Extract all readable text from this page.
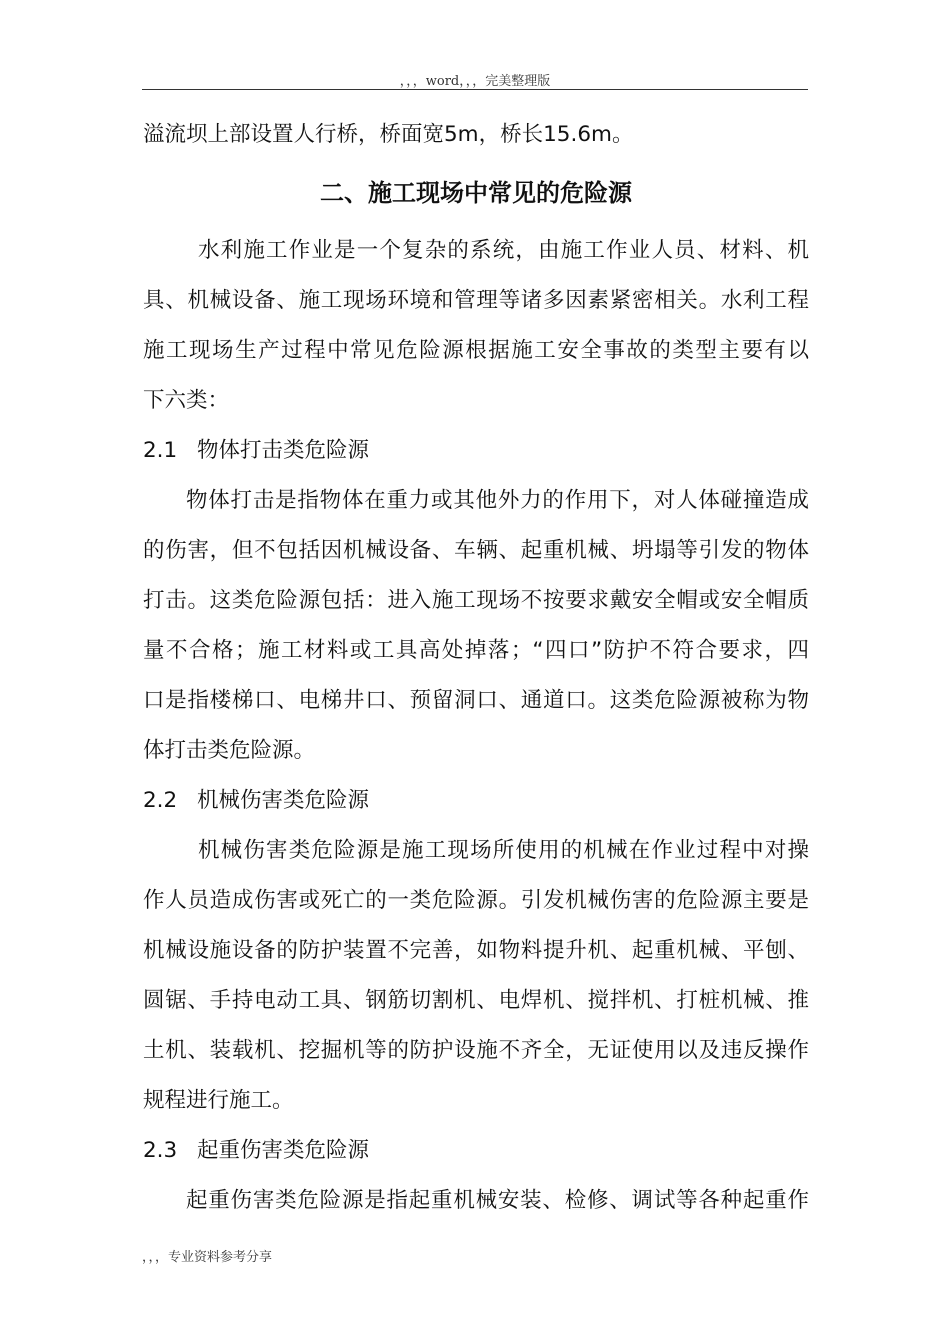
，，，word，，，完美整理版
溢流坝上部设置人行桥，桥面宽5m，桥长15.6m。
二、施工现场中常见的危险源
水利施工作业是一个复杂的系统，由施工作业人员、材料、机
具、机械设备、施工现场环境和管理等诸多因素紧密相关。水利工程
施工现场生产过程中常见危险源根据施工安全事故的类型主要有以
下六类：
2.1 物体打击类危险源
物体打击是指物体在重力或其他外力的作用下，对人体碰撞造成
的伤害，但不包括因机械设备、车辆、起重机械、坍塌等引发的物体
打击。这类危险源包括：进入施工现场不按要求戴安全帽或安全帽质
量不合格；施工材料或工具高处掉落；“四口”防护不符合要求，四
口是指楼梯口、电梯井口、预留洞口、通道口。这类危险源被称为物
体打击类危险源。
2.2 机械伤害类危险源
机械伤害类危险源是施工现场所使用的机械在作业过程中对操
作人员造成伤害或死亡的一类危险源。引发机械伤害的危险源主要是
机械设施设备的防护装置不完善，如物料提升机、起重机械、平刨、
圆锯、手持电动工具、钢筋切割机、电焊机、搅拌机、打桩机械、推
土机、装载机、挖掘机等的防护设施不齐全，无证使用以及违反操作
规程进行施工。
2.3 起重伤害类危险源
起重伤害类危险源是指起重机械安装、检修、调试等各种起重作
，，，专业资料参考分享
